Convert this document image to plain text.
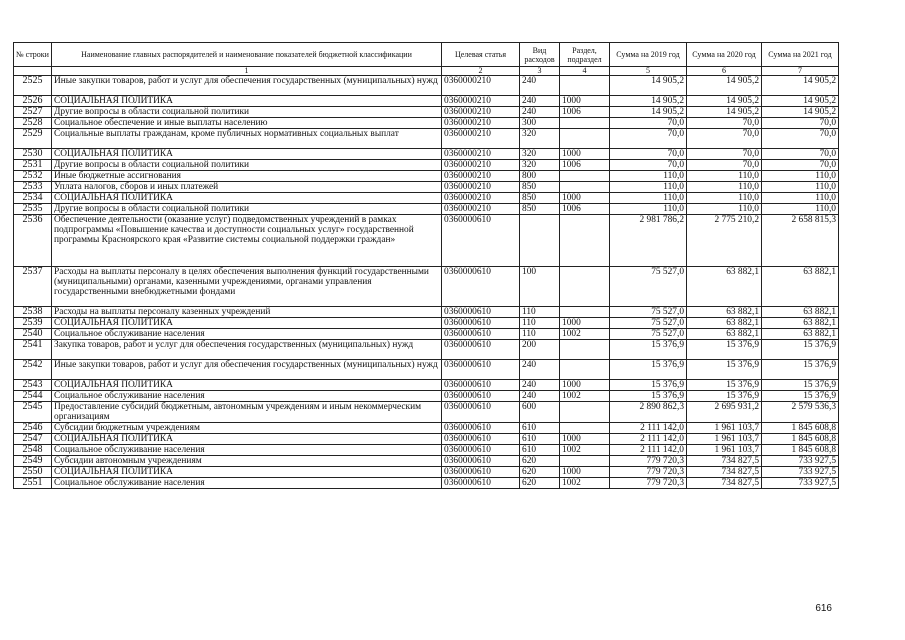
№ строки	Наименование главных распорядителей и наименование показателей бюджетной классификации	Целевая статья	Вид расходов	Раздел, подраздел	Сумма на 2019 год	Сумма на 2020 год	Сумма на 2021 год
	1	2	3	4	5	6	7
2525	Иные закупки товаров, работ и услуг для обеспечения государственных (муниципальных) нужд	0360000210	240		14 905,2	14 905,2	14 905,2
2526	СОЦИАЛЬНАЯ ПОЛИТИКА	0360000210	240	1000	14 905,2	14 905,2	14 905,2
2527	Другие вопросы в области социальной политики	0360000210	240	1006	14 905,2	14 905,2	14 905,2
2528	Социальное обеспечение и иные выплаты населению	0360000210	300		70,0	70,0	70,0
2529	Социальные выплаты гражданам, кроме публичных нормативных социальных выплат	0360000210	320		70,0	70,0	70,0
2530	СОЦИАЛЬНАЯ ПОЛИТИКА	0360000210	320	1000	70,0	70,0	70,0
2531	Другие вопросы в области социальной политики	0360000210	320	1006	70,0	70,0	70,0
2532	Иные бюджетные ассигнования	0360000210	800		110,0	110,0	110,0
2533	Уплата налогов, сборов и иных платежей	0360000210	850		110,0	110,0	110,0
2534	СОЦИАЛЬНАЯ ПОЛИТИКА	0360000210	850	1000	110,0	110,0	110,0
2535	Другие вопросы в области социальной политики	0360000210	850	1006	110,0	110,0	110,0
2536	Обеспечение деятельности (оказание услуг) подведомственных учреждений в рамках подпрограммы «Повышение качества и доступности социальных услуг» государственной программы Красноярского края «Развитие системы социальной поддержки граждан»	0360000610			2 981 786,2	2 775 210,2	2 658 815,3
2537	Расходы на выплаты персоналу в целях обеспечения выполнения функций государственными (муниципальными) органами, казенными учреждениями, органами управления государственными внебюджетными фондами	0360000610	100		75 527,0	63 882,1	63 882,1
2538	Расходы на выплаты персоналу казенных учреждений	0360000610	110		75 527,0	63 882,1	63 882,1
2539	СОЦИАЛЬНАЯ ПОЛИТИКА	0360000610	110	1000	75 527,0	63 882,1	63 882,1
2540	Социальное обслуживание населения	0360000610	110	1002	75 527,0	63 882,1	63 882,1
2541	Закупка товаров, работ и услуг для обеспечения государственных (муниципальных) нужд	0360000610	200		15 376,9	15 376,9	15 376,9
2542	Иные закупки товаров, работ и услуг для обеспечения государственных (муниципальных) нужд	0360000610	240		15 376,9	15 376,9	15 376,9
2543	СОЦИАЛЬНАЯ ПОЛИТИКА	0360000610	240	1000	15 376,9	15 376,9	15 376,9
2544	Социальное обслуживание населения	0360000610	240	1002	15 376,9	15 376,9	15 376,9
2545	Предоставление субсидий бюджетным, автономным учреждениям и иным некоммерческим организациям	0360000610	600		2 890 862,3	2 695 931,2	2 579 536,3
2546	Субсидии бюджетным учреждениям	0360000610	610		2 111 142,0	1 961 103,7	1 845 608,8
2547	СОЦИАЛЬНАЯ ПОЛИТИКА	0360000610	610	1000	2 111 142,0	1 961 103,7	1 845 608,8
2548	Социальное обслуживание населения	0360000610	610	1002	2 111 142,0	1 961 103,7	1 845 608,8
2549	Субсидии автономным учреждениям	0360000610	620		779 720,3	734 827,5	733 927,5
2550	СОЦИАЛЬНАЯ ПОЛИТИКА	0360000610	620	1000	779 720,3	734 827,5	733 927,5
2551	Социальное обслуживание населения	0360000610	620	1002	779 720,3	734 827,5	733 927,5
616
